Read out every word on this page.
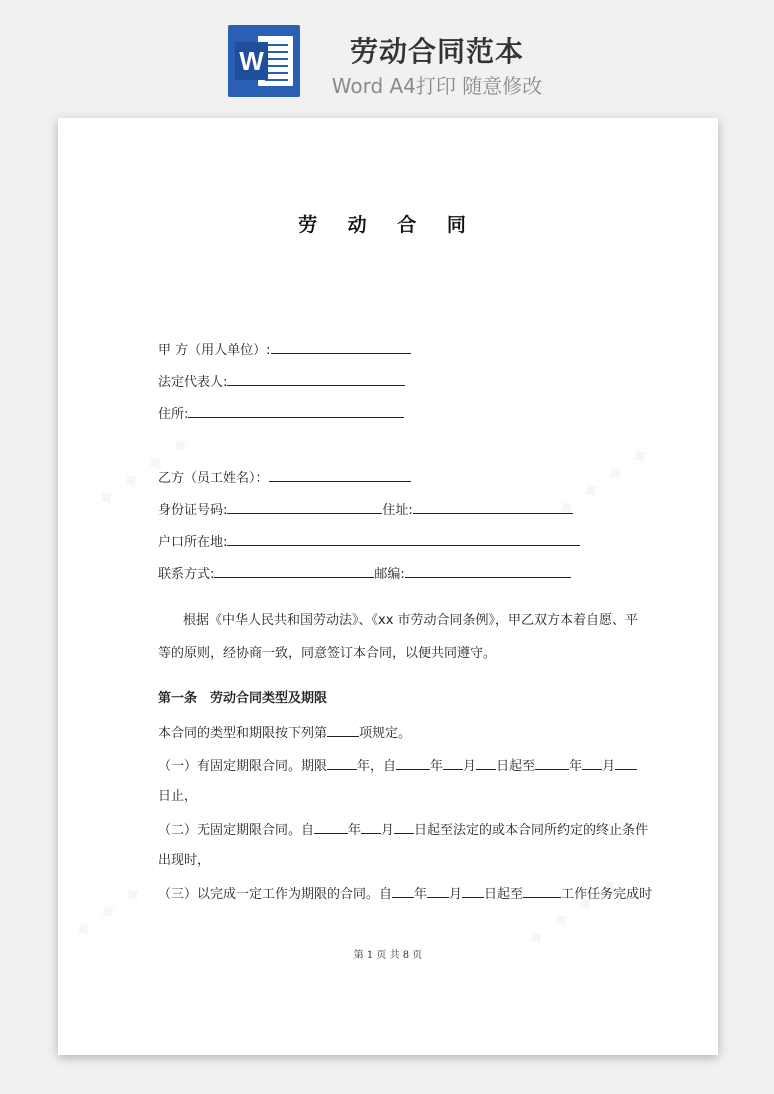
W	劳动合同范本
Word A4打印 随意修改
劳 动 合 同
甲 方（用人单位）:
法定代表人:
住所:
乙方（员工姓名）：
身份证号码:	住址:
户口所在地:
联系方式:	邮编:
根据《中华人民共和国劳动法》、《xx 市劳动合同条例》，甲乙双方本着自愿、平
等的原则，经协商一致，同意签订本合同，以便共同遵守。
第一条　劳动合同类型及期限
本合同的类型和期限按下列第 项规定。
（一）有固定期限合同。期限 年，自	年 月 日起至	年 月
日止，
（二）无固定期限合同。自	年 月 日起至法定的或本合同所约定的终止条件
出现时，
（三）以完成一定工作为期限的合同。自 年 月 日起至	工作任务完成时
第 1 页 共 8 页
